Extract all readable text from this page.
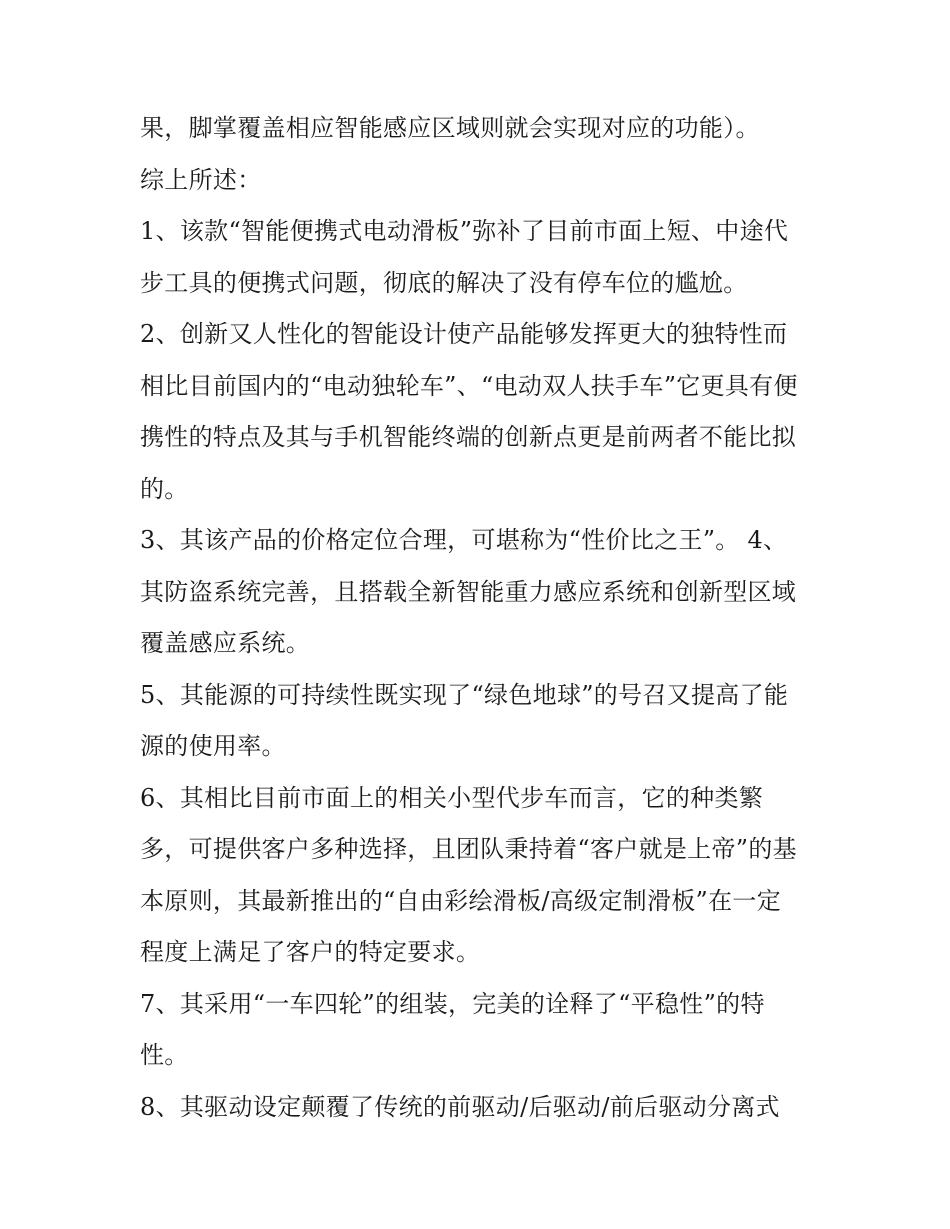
果，脚掌覆盖相应智能感应区域则就会实现对应的功能）。
综上所述：
1、该款“智能便携式电动滑板”弥补了目前市面上短、中途代
步工具的便携式问题，彻底的解决了没有停车位的尴尬。
2、创新又人性化的智能设计使产品能够发挥更大的独特性而
相比目前国内的“电动独轮车”、“电动双人扶手车”它更具有便
携性的特点及其与手机智能终端的创新点更是前两者不能比拟
的。
3、其该产品的价格定位合理，可堪称为“性价比之王”。 4、
其防盗系统完善，且搭载全新智能重力感应系统和创新型区域
覆盖感应系统。
5、其能源的可持续性既实现了“绿色地球”的号召又提高了能
源的使用率。
6、其相比目前市面上的相关小型代步车而言，它的种类繁
多，可提供客户多种选择，且团队秉持着“客户就是上帝”的基
本原则，其最新推出的“自由彩绘滑板/高级定制滑板”在一定
程度上满足了客户的特定要求。
7、其采用“一车四轮”的组装，完美的诠释了“平稳性”的特
性。
8、其驱动设定颠覆了传统的前驱动/后驱动/前后驱动分离式
